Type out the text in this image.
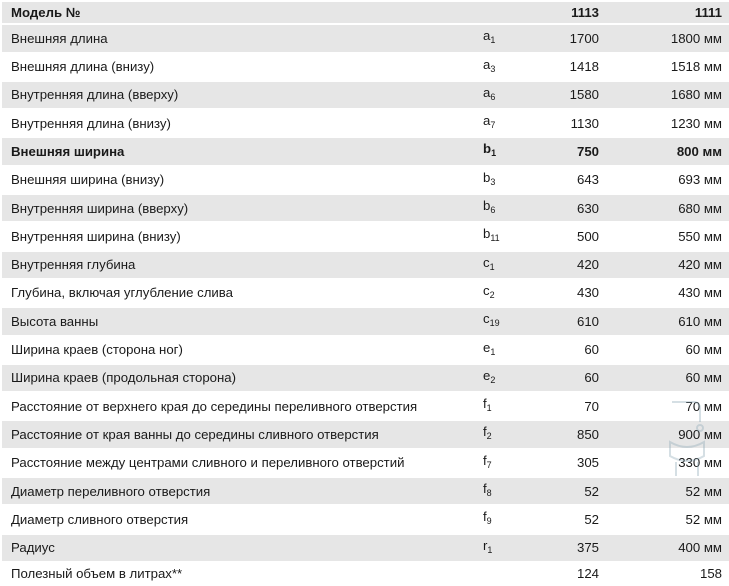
Модель №		1113	1111
Внешняя длина	$a_1$	1700	1800 мм
Внешняя длина (внизу)	$a_3$	1418	1518 мм
Внутренняя длина (вверху)	$a_6$	1580	1680 мм
Внутренняя длина (внизу)	$a_7$	1130	1230 мм
Внешняя ширина	$b_1$	750	800 мм
Внешняя ширина (внизу)	$b_3$	643	693 мм
Внутренняя ширина (вверху)	$b_6$	630	680 мм
Внутренняя ширина (внизу)	$b_{11}$	500	550 мм
Внутренняя глубина	$c_1$	420	420 мм
Глубина, включая углубление слива	$c_2$	430	430 мм
Высота ванны	$c_{19}$	610	610 мм
Ширина краев (сторона ног)	$e_1$	60	60 мм
Ширина краев (продольная сторона)	$e_2$	60	60 мм
Расстояние от верхнего края до середины переливного отверстия	$f_1$	70	70 мм
Расстояние от края ванны до середины сливного отверстия	$f_2$	850	900 мм
Расстояние между центрами сливного и переливного отверстий	$f_7$	305	330 мм
Диаметр переливного отверстия	$f_8$	52	52 мм
Диаметр сливного отверстия	$f_9$	52	52 мм
Радиус	$r_1$	375	400 мм
Полезный объем в литрах**		124	158
